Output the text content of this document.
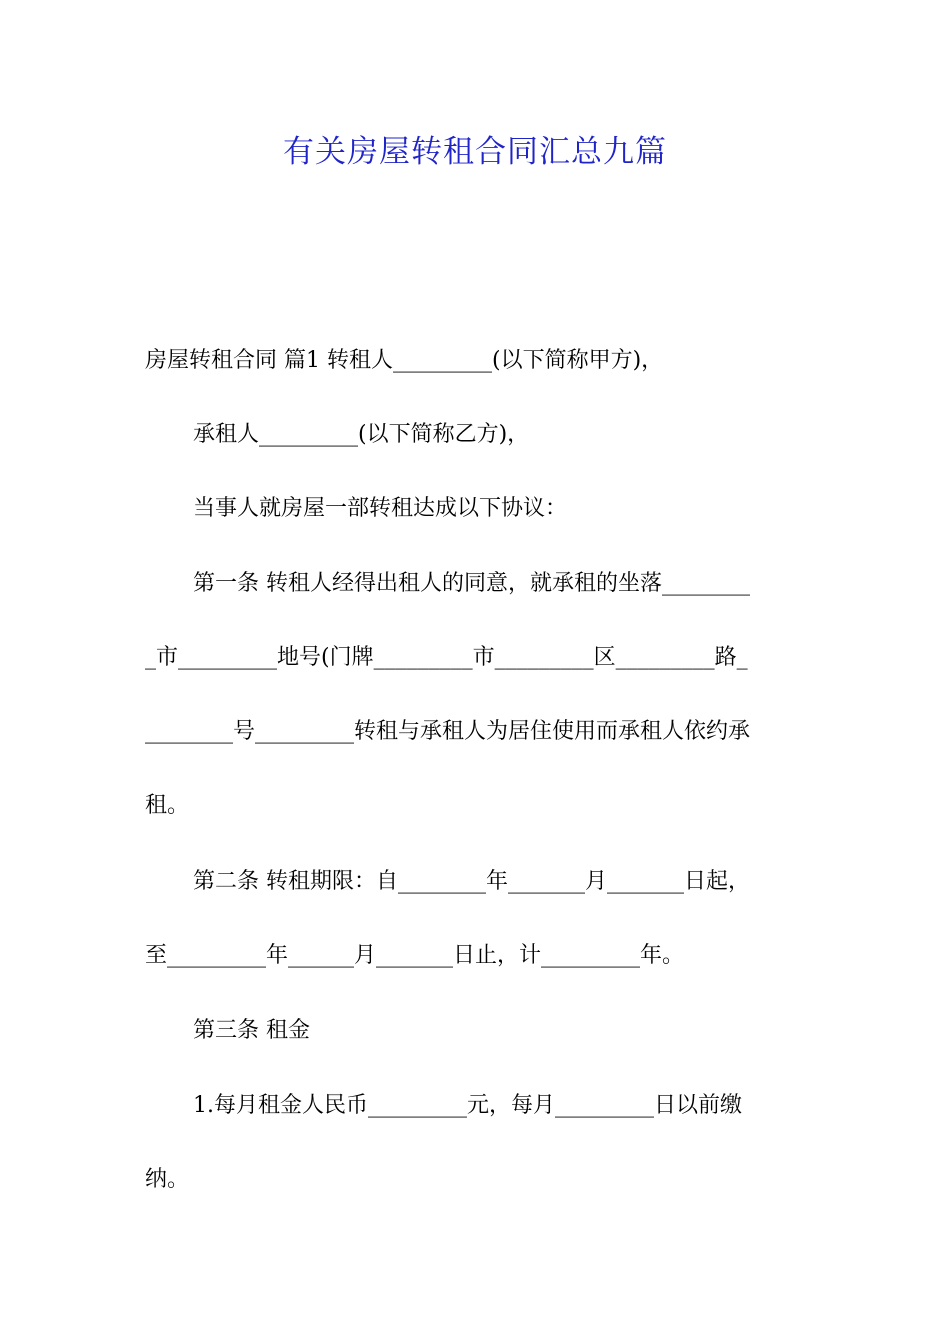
有关房屋转租合同汇总九篇
房屋转租合同 篇1 转租人_________(以下简称甲方)，
承租人_________(以下简称乙方)，
当事人就房屋一部转租达成以下协议：
第一条 转租人经得出租人的同意，就承租的坐落________
_市_________地号(门牌_________市_________区_________路_
________号_________转租与承租人为居住使用而承租人依约承
租。
第二条 转租期限：自________年_______月_______日起，
至_________年______月_______日止，计_________年。
第三条 租金
1.每月租金人民币_________元，每月_________日以前缴
纳。
